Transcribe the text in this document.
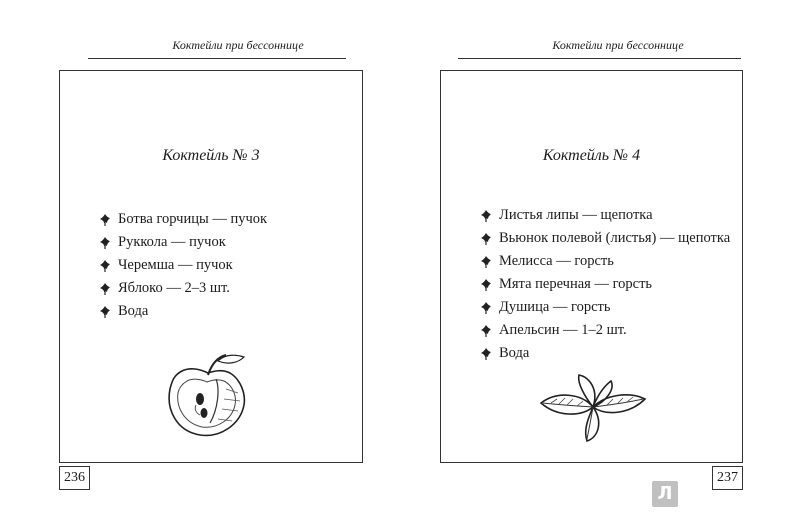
Коктейли при бессоннице
Коктейль № 3
Ботва горчицы — пучок
Руккола — пучок
Черемша — пучок
Яблоко — 2–3 шт.
Вода
236
Коктейли при бессоннице
Коктейль № 4
Листья липы — щепотка
Вьюнок полевой (листья) — щепотка
Мелисса — горсть
Мята перечная — горсть
Душица — горсть
Апельсин — 1–2 шт.
Вода
237
Л
